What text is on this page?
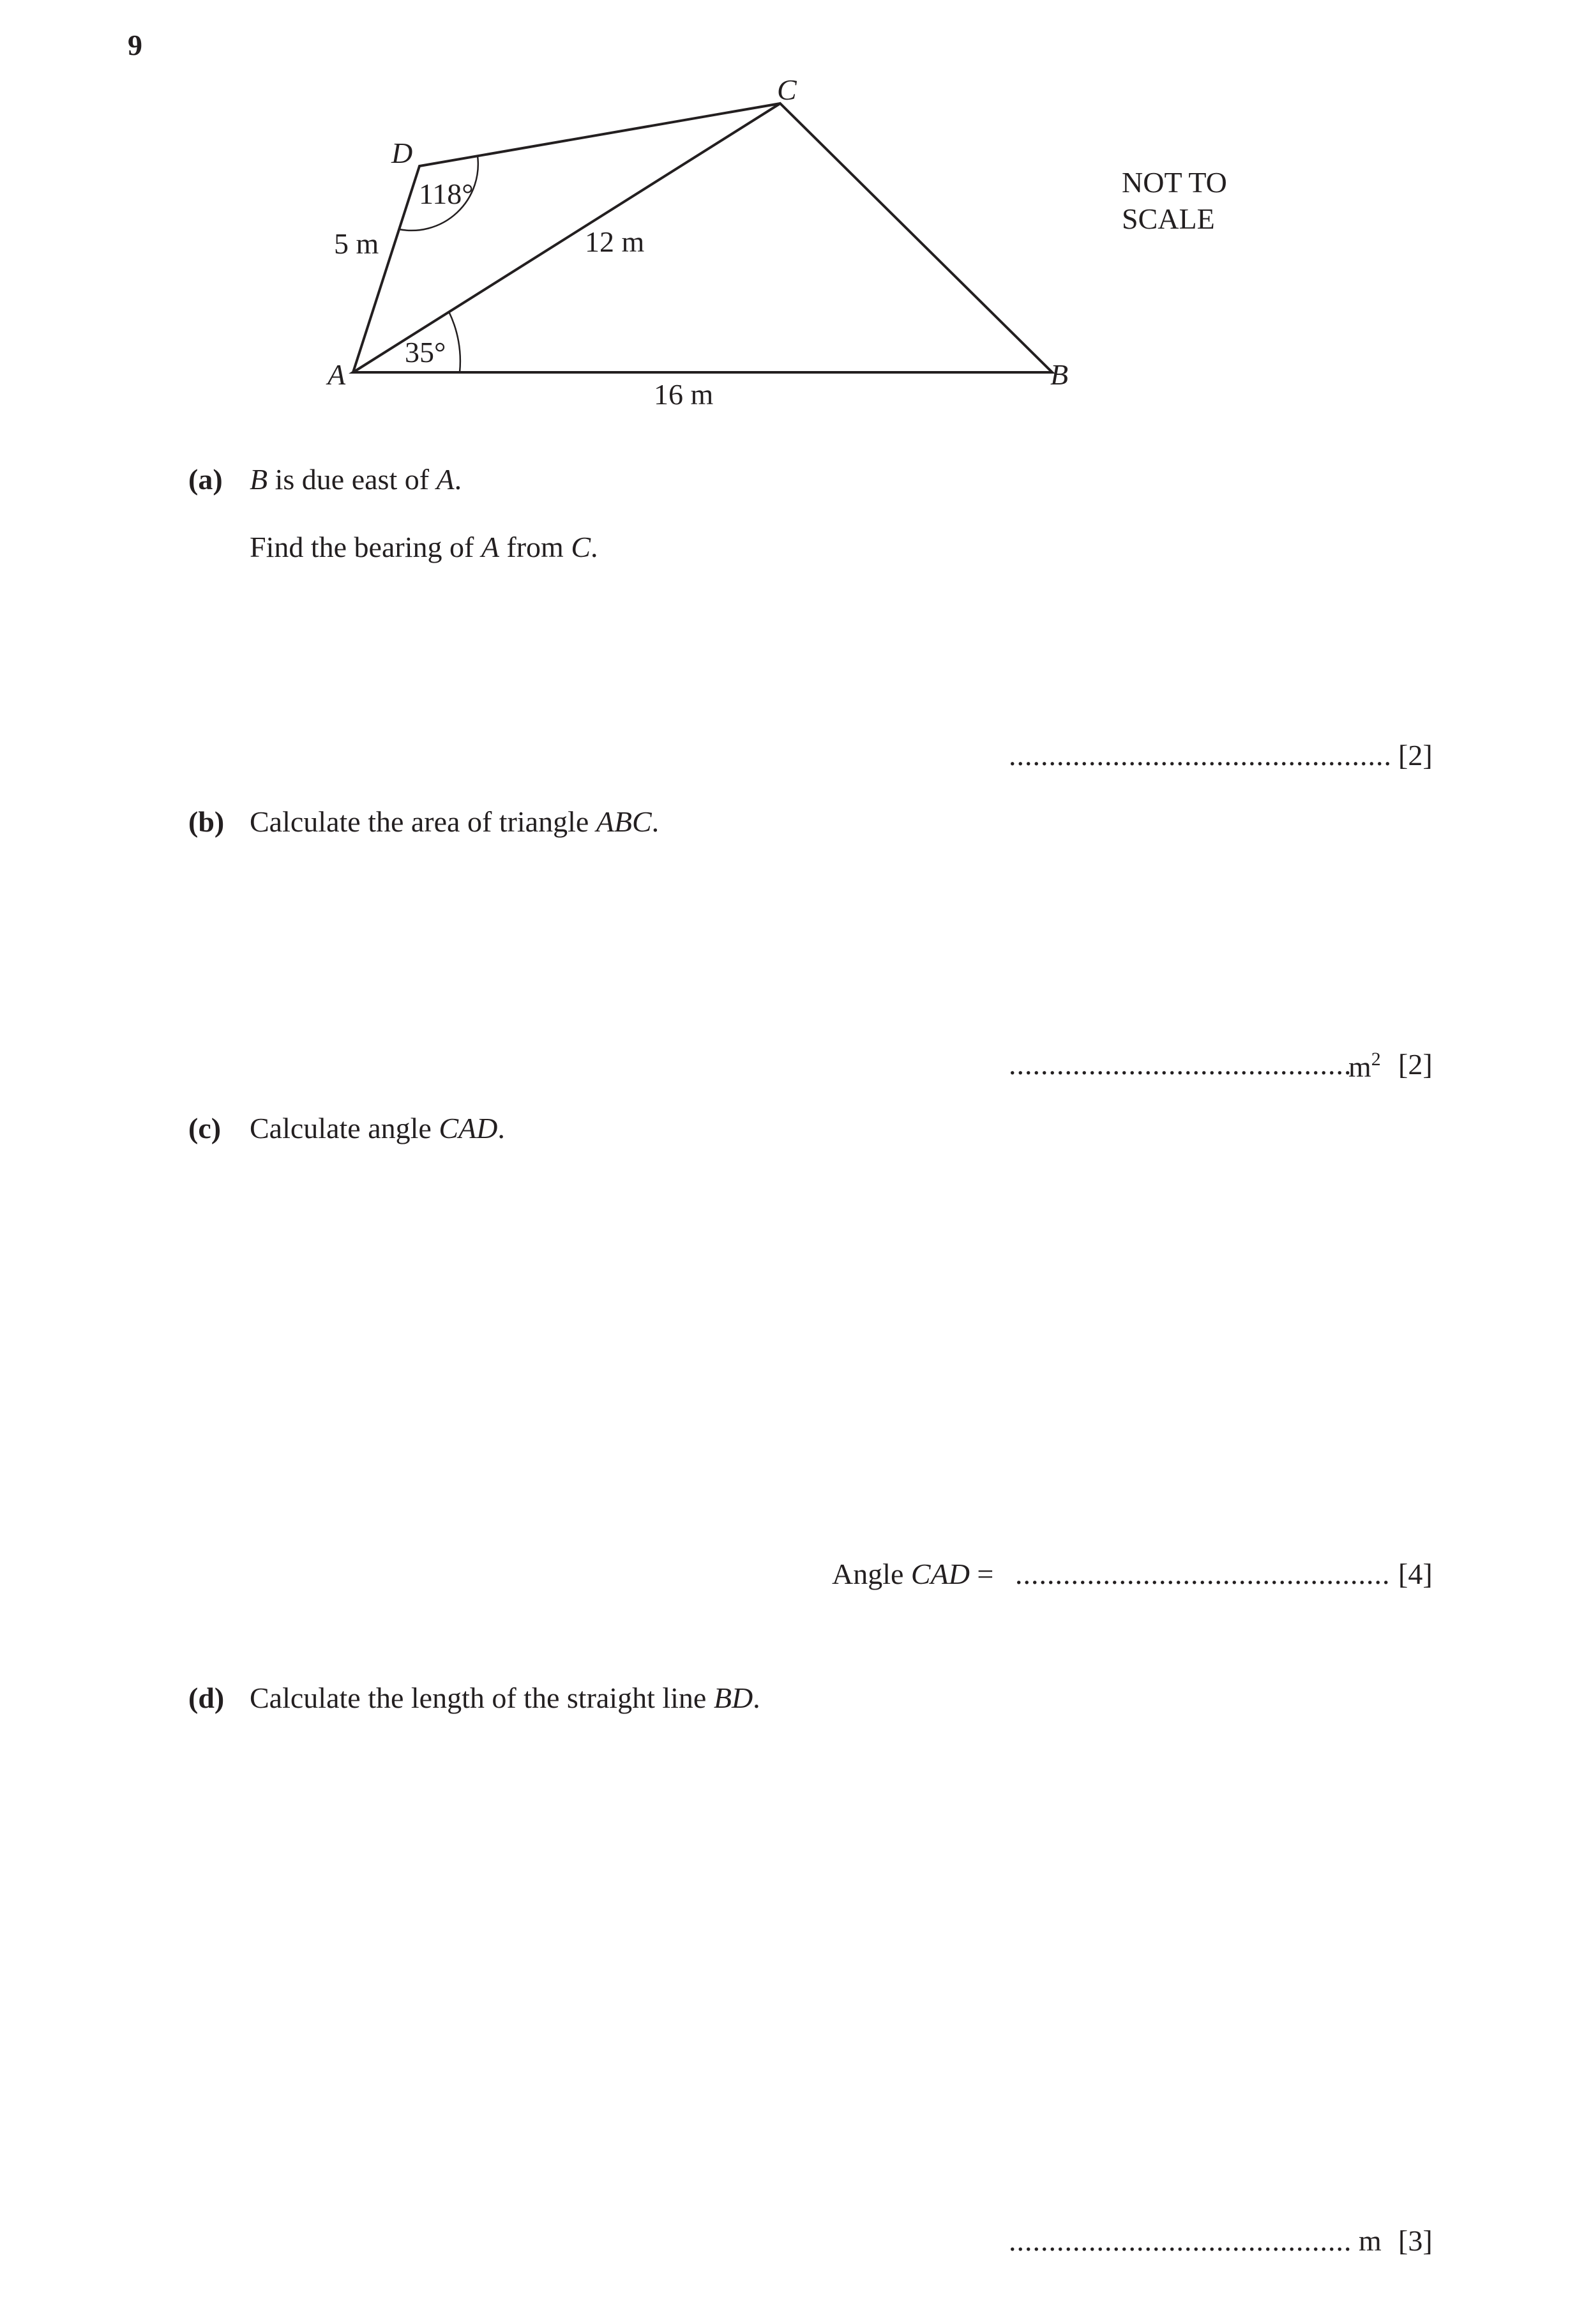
9
A	B
C
D
5 m	12 m
16 m
118°
35°
NOT TO
SCALE
(a) B is due east of A.
Find the bearing of A from C.
................................................ [2]
(b) Calculate the area of triangle ABC.
...........................................
$m^2$ [2]
(c) Calculate angle CAD.
Angle CAD = ............................................... [4]
(d) Calculate the length of the straight line BD.
........................................... m [3]
